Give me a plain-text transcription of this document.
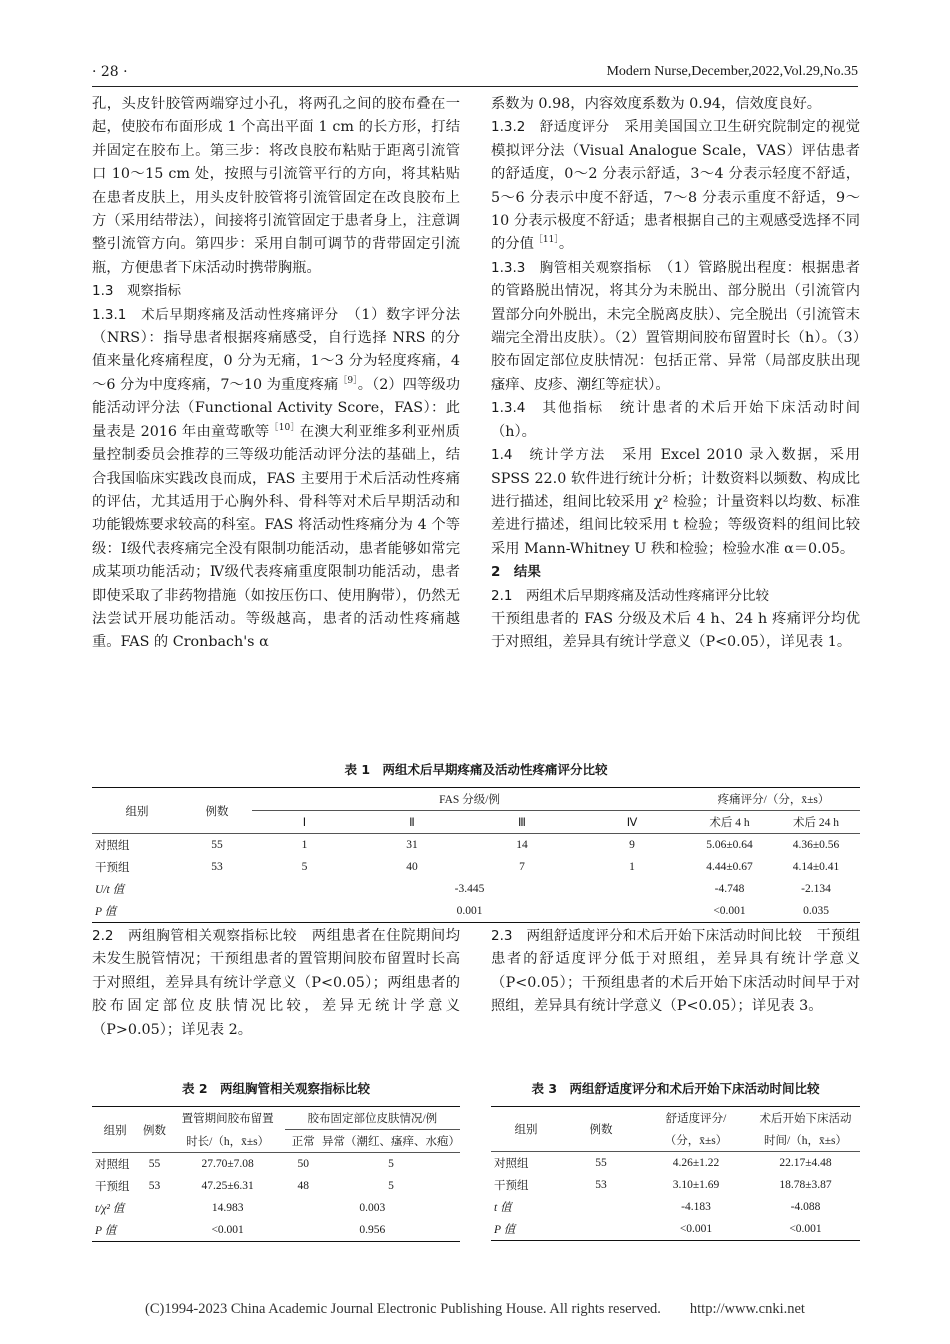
· 28 ·	Modern Nurse,December,2022,Vol.29,No.35

孔，头皮针胶管两端穿过小孔，将两孔之间的胶布叠在一起，使胶布布面形成 1 个高出平面 1 cm 的长方形，打结并固定在胶布上。第三步：将改良胶布粘贴于距离引流管口 10～15 cm 处，按照与引流管平行的方向，将其粘贴在患者皮肤上，用头皮针胶管将引流管固定在改良胶布上方（采用结带法），间接将引流管固定于患者身上，注意调整引流管方向。第四步：采用自制可调节的背带固定引流瓶，方便患者下床活动时携带胸瓶。

1.3　观察指标

1.3.1　术后早期疼痛及活动性疼痛评分　（1）数字评分法（NRS）：指导患者根据疼痛感受，自行选择 NRS 的分值来量化疼痛程度，0 分为无痛，1～3 分为轻度疼痛，4～6 分为中度疼痛，7～10 为重度疼痛$^{[9]}$。（2）四等级功能活动评分法（Functional Activity Score，FAS）：此量表是 2016 年由童莺歌等$^{[10]}$在澳大利亚维多利亚州质量控制委员会推荐的三等级功能活动评分法的基础上，结合我国临床实践改良而成，FAS 主要用于术后活动性疼痛的评估，尤其适用于心胸外科、骨科等对术后早期活动和功能锻炼要求较高的科室。FAS 将活动性疼痛分为 4 个等级：Ⅰ级代表疼痛完全没有限制功能活动，患者能够如常完成某项功能活动；Ⅳ级代表疼痛重度限制功能活动，患者即使采取了非药物措施（如按压伤口、使用胸带），仍然无法尝试开展功能活动。等级越高，患者的活动性疼痛越重。FAS 的 Cronbach's α

系数为 0.98，内容效度系数为 0.94，信效度良好。

1.3.2　舒适度评分　采用美国国立卫生研究院制定的视觉模拟评分法（Visual Analogue Scale，VAS）评估患者的舒适度，0～2 分表示舒适，3～4 分表示轻度不舒适，5～6 分表示中度不舒适，7～8 分表示重度不舒适，9～10 分表示极度不舒适；患者根据自己的主观感受选择不同的分值$^{[11]}$。

1.3.3　胸管相关观察指标　（1）管路脱出程度：根据患者的管路脱出情况，将其分为未脱出、部分脱出（引流管内置部分向外脱出，未完全脱离皮肤）、完全脱出（引流管末端完全滑出皮肤）。（2）置管期间胶布留置时长（h）。（3）胶布固定部位皮肤情况：包括正常、异常（局部皮肤出现瘙痒、皮疹、潮红等症状）。

1.3.4　其他指标　统计患者的术后开始下床活动时间（h）。

1.4　统计学方法　采用 Excel 2010 录入数据，采用 SPSS 22.0 软件进行统计分析；计数资料以频数、构成比进行描述，组间比较采用 χ² 检验；计量资料以均数、标准差进行描述，组间比较采用 t 检验；等级资料的组间比较采用 Mann-Whitney U 秩和检验；检验水准 α＝0.05。

2　结果

2.1　两组术后早期疼痛及活动性疼痛评分比较

干预组患者的 FAS 分级及术后 4 h、24 h 疼痛评分均优于对照组，差异具有统计学意义（P<0.05），详见表 1。

表 1　两组术后早期疼痛及活动性疼痛评分比较
组别	例数	FAS 分级/例				疼痛评分/（分，x̄±s）	
		Ⅰ	Ⅱ	Ⅲ	Ⅳ	术后 4 h	术后 24 h
对照组	55	1	31	14	9	5.06±0.64	4.36±0.56
干预组	53	5	40	7	1	4.44±0.67	4.14±0.41
U/t 值		-3.445				-4.748	-2.134
P 值		0.001				<0.001	0.035

2.2　两组胸管相关观察指标比较　两组患者在住院期间均未发生脱管情况；干预组患者的置管期间胶布留置时长高于对照组，差异具有统计学意义（P<0.05）；两组患者的胶布固定部位皮肤情况比较，差异无统计学意义（P>0.05）；详见表 2。

2.3　两组舒适度评分和术后开始下床活动时间比较　干预组患者的舒适度评分低于对照组，差异具有统计学意义（P<0.05）；干预组患者的术后开始下床活动时间早于对照组，差异具有统计学意义（P<0.05）；详见表 3。

表 2　两组胸管相关观察指标比较
组别	例数	置管期间胶布留置	胶布固定部位皮肤情况/例	
		时长/（h，x̄±s）	正常	异常（潮红、瘙痒、水疱）
对照组	55	27.70±7.08	50	5
干预组	53	47.25±6.31	48	5
t/χ² 值		14.983	0.003	
P 值		<0.001	0.956	
表 3　两组舒适度评分和术后开始下床活动时间比较
组别	例数	舒适度评分/	术后开始下床活动
		（分，x̄±s）	时间/（h，x̄±s）
对照组	55	4.26±1.22	22.17±4.48
干预组	53	3.10±1.69	18.78±3.87
t 值		-4.183	-4.088
P 值		<0.001	<0.001
(C)1994-2023 China Academic Journal Electronic Publishing House. All rights reserved.　　http://www.cnki.net
